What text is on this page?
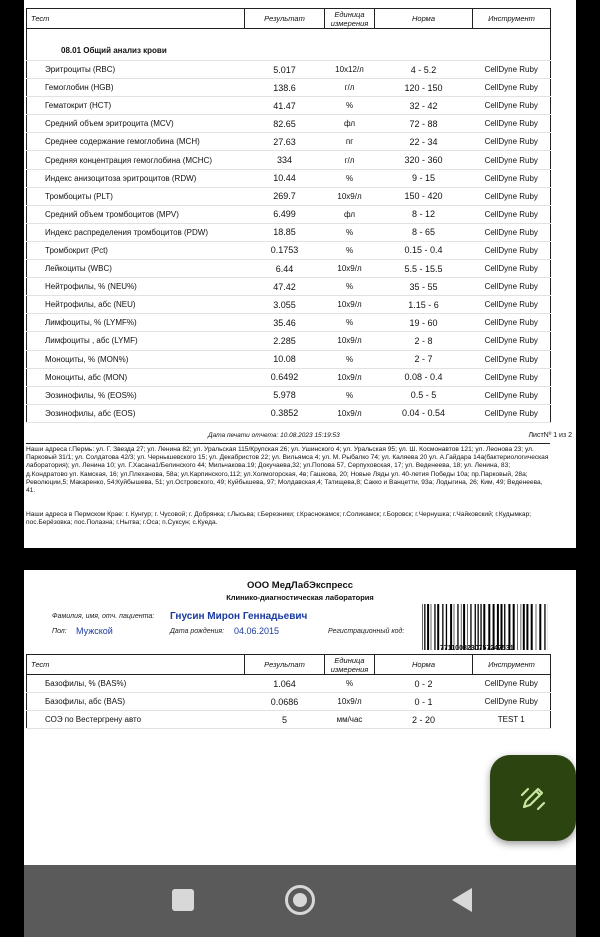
Тест	Результат	Единица измерения	Норма	Инструмент

08.01 Общий анализ крови				
Эритроциты (RBC)	5.017	10x12/л	4 - 5.2	CellDyne Ruby
Гемоглобин (HGB)	138.6	г/л	120 - 150	CellDyne Ruby
Гематокрит (HCT)	41.47	%	32 - 42	CellDyne Ruby
Средний объем эритроцита (MCV)	82.65	фл	72 - 88	CellDyne Ruby
Среднее содержание гемоглобина (MCH)	27.63	пг	22 - 34	CellDyne Ruby
Средняя концентрация гемоглобина (MCHC)	334	г/л	320 - 360	CellDyne Ruby
Индекс анизоцитоза эритроцитов (RDW)	10.44	%	9 - 15	CellDyne Ruby
Тромбоциты (PLT)	269.7	10x9/л	150 - 420	CellDyne Ruby
Средний объем тромбоцитов (MPV)	6.499	фл	8 - 12	CellDyne Ruby
Индекс распределения тромбоцитов (PDW)	18.85	%	8 - 65	CellDyne Ruby
Тромбокрит (Pct)	0.1753	%	0.15 - 0.4	CellDyne Ruby
Лейкоциты (WBC)	6.44	10x9/л	5.5 - 15.5	CellDyne Ruby
Нейтрофилы, % (NEU%)	47.42	%	35 - 55	CellDyne Ruby
Нейтрофилы, абс (NEU)	3.055	10x9/л	1.15 - 6	CellDyne Ruby
Лимфоциты, % (LYMF%)	35.46	%	19 - 60	CellDyne Ruby
Лимфоциты , абс (LYMF)	2.285	10x9/л	2 - 8	CellDyne Ruby
Моноциты, % (MON%)	10.08	%	2 - 7	CellDyne Ruby
Моноциты, абс (MON)	0.6492	10x9/л	0.08 - 0.4	CellDyne Ruby
Эозинофилы, % (EOS%)	5.978	%	0.5 - 5	CellDyne Ruby
Эозинофилы, абс (EOS)	0.3852	10x9/л	0.04 - 0.54	CellDyne Ruby
Дата печати отчета: 10.08.2023 15:19:53	ЛистNº 1 из 2
Наши адреса г.Пермь: ул. Г. Звезда 27; ул. Ленина 82; ул. Уральская 115/Крупская 26; ул. Ушинского 4; ул. Уральская 95; ул. Ш. Космонавтов 121; ул. Леонова 23; ул. Парковый 31/1; ул. Солдатова 42/3; ул. Чернышевского 15; ул. Декабристов 22; ул. Вильямса 4; ул. М. Рыбалко 74; ул. Каляева 20 ул. А.Гайдара 14а(бактериологическая лаборатория); ул. Ленина 10; ул. Г.Хасана1/Белинского 44; Мильчакова.19; Докучаева,32; ул.Попова 57, Серпуховская, 17; ул. Веденеева, 18; ул. Ленина, 83; д.Кондратово ул. Камская, 16; ул.Плеханова, 58а; ул.Карпинского,112; ул.Холмогорская, 4в; Гашкова, 20; Новые Ляды ул. 40-летия Победы 10а; пр.Парковый, 28а; Революции,5; Макаренко, 54;Куйбышева, 51; ул.Островского, 49; Куйбышева, 97; Молдавская,4; Татищева,8; Сакко и Ванцетти, 93а; Лодыгина, 26; Ким, 49; Веденеева, 41.
Наши адреса в Пермском Крае: г. Кунгур; г. Чусовой; г. Добрянка; г.Лысьва; г.Березники; г.Краснокамск; г.Соликамск; г.Боровск; г.Чернушка; г.Чайковский; г.Кудымкар; пос.Берёзовка; пос.Полазна; г.Нытва; г.Оса; п.Суксун; с.Куеда.
ООО МедЛабЭкспресс
Клинико-диагностическая лаборатория
Фамилия, имя, отч. пациента: Гнусин Мирон Геннадьевич
Пол: Мужской	Дата рождения: 04.06.2015	Регистрационный код:
7711008230757247531
Тест	Результат	Единица измерения	Норма	Инструмент
Базофилы, % (BAS%)	1.064	%	0 - 2	CellDyne Ruby
Базофилы, абс (BAS)	0.0686	10x9/л	0 - 1	CellDyne Ruby
СОЭ по Вестергрену авто	5	мм/час	2 - 20	TEST 1
